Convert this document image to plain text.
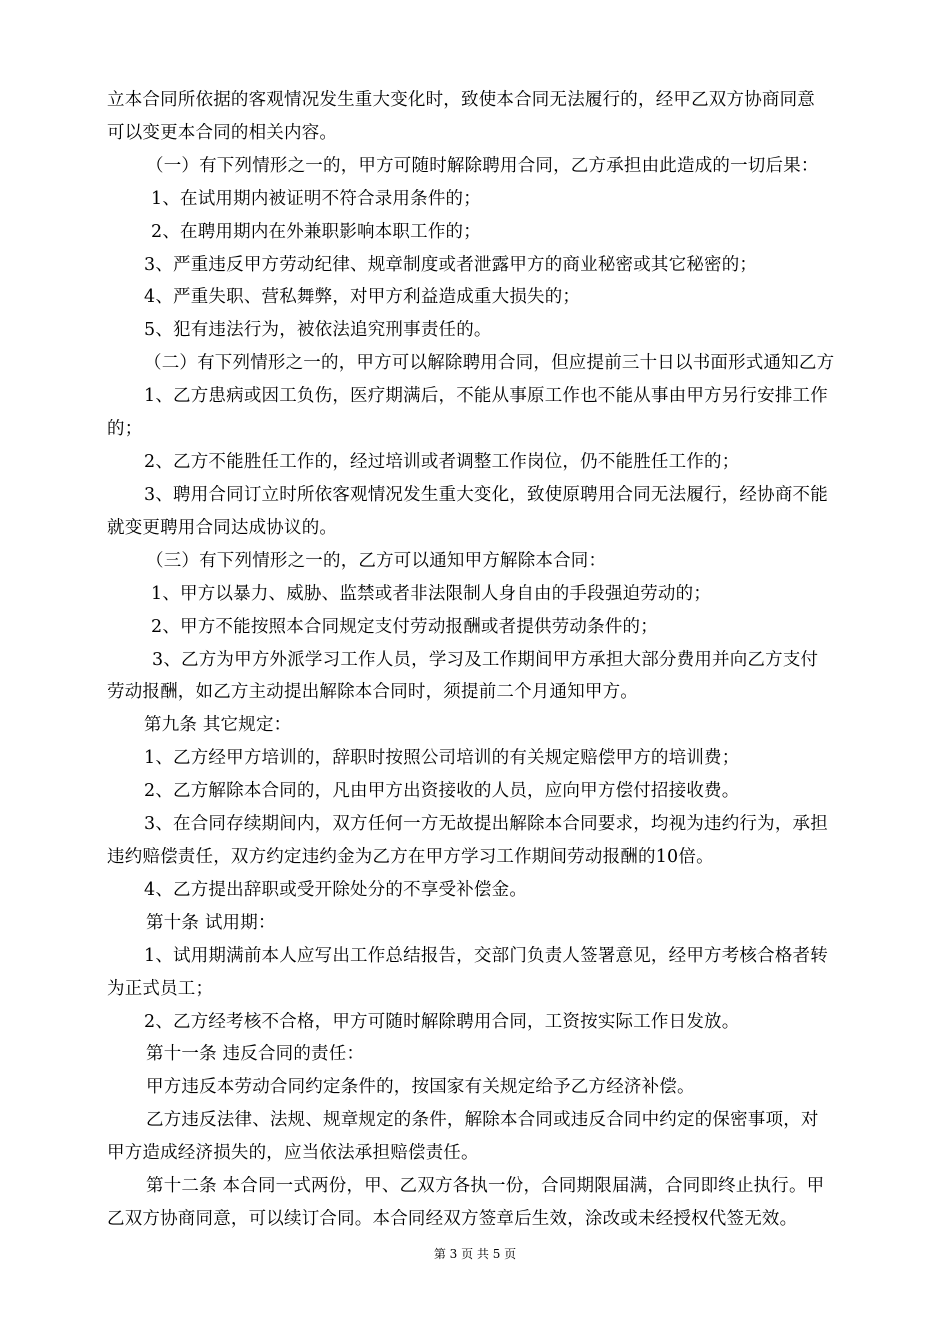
立本合同所依据的客观情况发生重大变化时，致使本合同无法履行的，经甲乙双方协商同意
可以变更本合同的相关内容。
（一）有下列情形之一的，甲方可随时解除聘用合同，乙方承担由此造成的一切后果：
1、在试用期内被证明不符合录用条件的；
2、在聘用期内在外兼职影响本职工作的；
3、严重违反甲方劳动纪律、规章制度或者泄露甲方的商业秘密或其它秘密的；
4、严重失职、营私舞弊，对甲方利益造成重大损失的；
5、犯有违法行为，被依法追究刑事责任的。
（二）有下列情形之一的，甲方可以解除聘用合同，但应提前三十日以书面形式通知乙方
1、乙方患病或因工负伤，医疗期满后，不能从事原工作也不能从事由甲方另行安排工作
的；
2、乙方不能胜任工作的，经过培训或者调整工作岗位，仍不能胜任工作的；
3、聘用合同订立时所依客观情况发生重大变化，致使原聘用合同无法履行，经协商不能
就变更聘用合同达成协议的。
（三）有下列情形之一的，乙方可以通知甲方解除本合同：
1、甲方以暴力、威胁、监禁或者非法限制人身自由的手段强迫劳动的；
2、甲方不能按照本合同规定支付劳动报酬或者提供劳动条件的；
3、乙方为甲方外派学习工作人员，学习及工作期间甲方承担大部分费用并向乙方支付
劳动报酬，如乙方主动提出解除本合同时，须提前二个月通知甲方。
第九条 其它规定：
1、乙方经甲方培训的，辞职时按照公司培训的有关规定赔偿甲方的培训费；
2、乙方解除本合同的，凡由甲方出资接收的人员，应向甲方偿付招接收费。
3、在合同存续期间内，双方任何一方无故提出解除本合同要求，均视为违约行为，承担
违约赔偿责任，双方约定违约金为乙方在甲方学习工作期间劳动报酬的10倍。
4、乙方提出辞职或受开除处分的不享受补偿金。
第十条 试用期：
1、试用期满前本人应写出工作总结报告，交部门负责人签署意见，经甲方考核合格者转
为正式员工；
2、乙方经考核不合格，甲方可随时解除聘用合同，工资按实际工作日发放。
第十一条 违反合同的责任：
甲方违反本劳动合同约定条件的，按国家有关规定给予乙方经济补偿。
乙方违反法律、法规、规章规定的条件，解除本合同或违反合同中约定的保密事项，对
甲方造成经济损失的，应当依法承担赔偿责任。
第十二条 本合同一式两份，甲、乙双方各执一份，合同期限届满，合同即终止执行。甲
乙双方协商同意，可以续订合同。本合同经双方签章后生效，涂改或未经授权代签无效。
第 3 页 共 5 页
